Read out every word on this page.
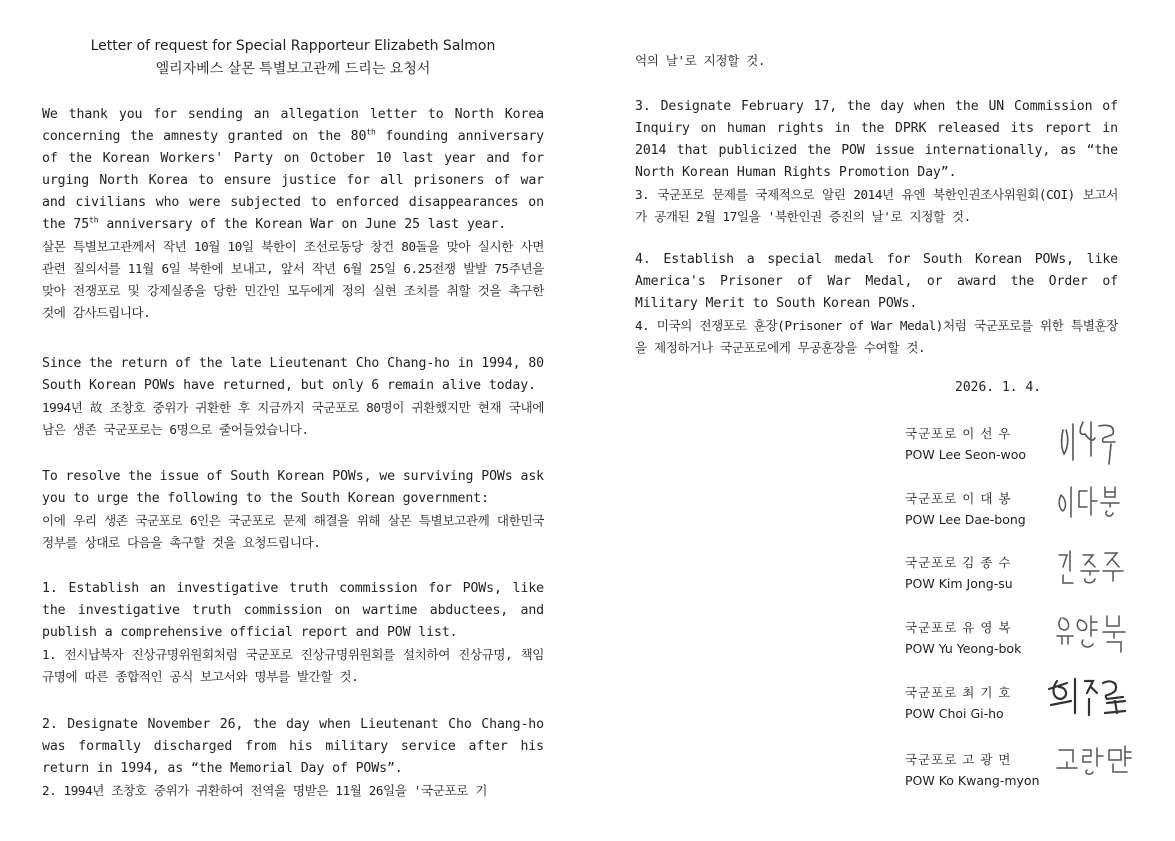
Letter of request for Special Rapporteur Elizabeth Salmon

엘리자베스 살몬 특별보고관께 드리는 요청서

We thank you for sending an allegation letter to North Korea concerning the amnesty granted on the 80th founding anniversary of the Korean Workers' Party on October 10 last year and for urging North Korea to ensure justice for all prisoners of war and civilians who were subjected to enforced disappearances on the 75th anniversary of the Korean War on June 25 last year.

살몬 특별보고관께서 작년 10월 10일 북한이 조선로동당 창건 80돌을 맞아 실시한 사면 관련 질의서를 11월 6일 북한에 보내고, 앞서 작년 6월 25일 6.25전쟁 발발 75주년을 맞아 전쟁포로 및 강제실종을 당한 민간인 모두에게 정의 실현 조치를 취할 것을 촉구한 것에 감사드립니다.

Since the return of the late Lieutenant Cho Chang-ho in 1994, 80 South Korean POWs have returned, but only 6 remain alive today.

1994년 故 조창호 중위가 귀환한 후 지금까지 국군포로 80명이 귀환했지만 현재 국내에 남은 생존 국군포로는 6명으로 줄어들었습니다.

To resolve the issue of South Korean POWs, we surviving POWs ask you to urge the following to the South Korean government:

이에 우리 생존 국군포로 6인은 국군포로 문제 해결을 위해 살몬 특별보고관께 대한민국 정부를 상대로 다음을 촉구할 것을 요청드립니다.

1. Establish an investigative truth commission for POWs, like the investigative truth commission on wartime abductees, and publish a comprehensive official report and POW list.

1. 전시납북자 진상규명위원회처럼 국군포로 진상규명위원회를 설치하여 진상규명, 책임규명에 따른 종합적인 공식 보고서와 명부를 발간할 것.

2. Designate November 26, the day when Lieutenant Cho Chang-ho was formally discharged from his military service after his return in 1994, as “the Memorial Day of POWs”.

2. 1994년 조창호 중위가 귀환하여 전역을 명받은 11월 26일을 '국군포로 기

억의 날'로 지정할 것.

3. Designate February 17, the day when the UN Commission of Inquiry on human rights in the DPRK released its report in 2014 that publicized the POW issue internationally, as “the North Korean Human Rights Promotion Day”.

3. 국군포로 문제를 국제적으로 알린 2014년 유엔 북한인권조사위원회(COI) 보고서가 공개된 2월 17일을 '북한인권 증진의 날'로 지정할 것.

4. Establish a special medal for South Korean POWs, like America's Prisoner of War Medal, or award the Order of Military Merit to South Korean POWs.

4. 미국의 전쟁포로 훈장(Prisoner of War Medal)처럼 국군포로를 위한 특별훈장을 제정하거나 국군포로에게 무공훈장을 수여할 것.

2026. 1. 4.
국군포로 이 선 우
POW Lee Seon-woo
국군포로 이 대 봉
POW Lee Dae-bong
국군포로 김 종 수
POW Kim Jong-su
국군포로 유 영 복
POW Yu Yeong-bok
국군포로 최 기 호
POW Choi Gi-ho
국군포로 고 광 면
POW Ko Kwang-myon
